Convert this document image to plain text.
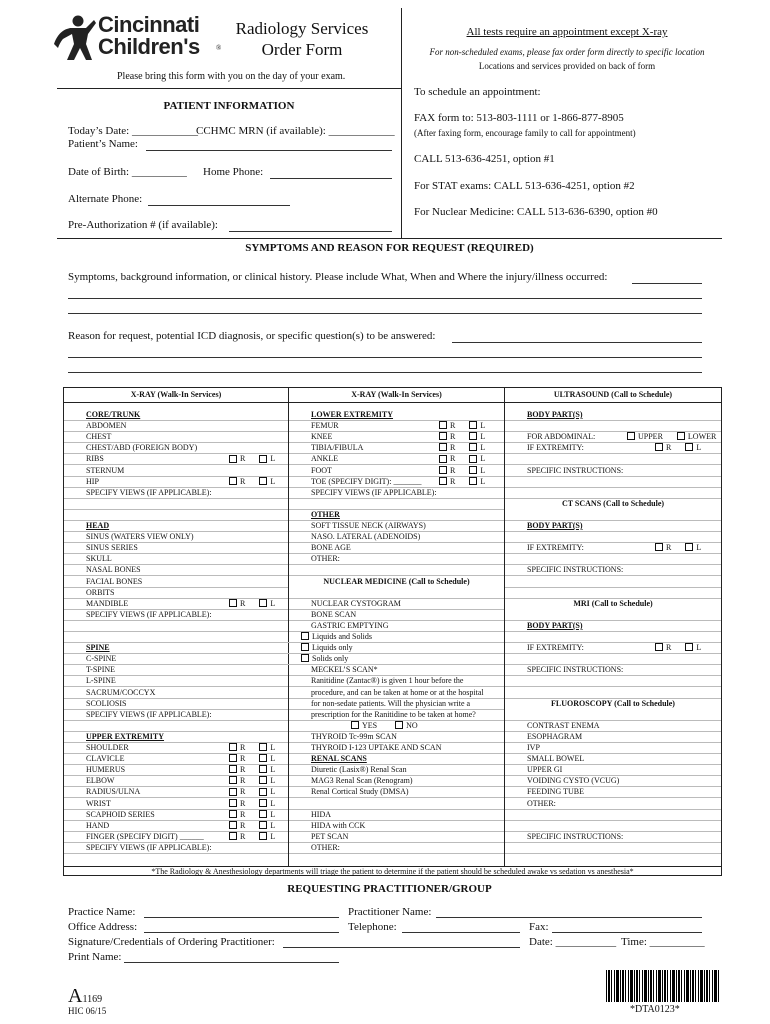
Cincinnati
Children's ®
Radiology Services
Order Form
Please bring this form with you on the day of your exam.
All tests require an appointment except X-ray
For non-scheduled exams, please fax order form directly to specific location
Locations and services provided on back of form
To schedule an appointment:
FAX form to: 513-803-1111 or 1-866-877-8905
(After faxing form, encourage family to call for appointment)
CALL 513-636-4251, option #1
For STAT exams: CALL 513-636-4251, option #2
For Nuclear Medicine: CALL 513-636-6390, option #0
PATIENT INFORMATION
Today’s Date: ____________
CCHMC MRN (if available): ____________
Patient’s Name:
Date of Birth: __________ Home Phone:
Alternate Phone:
Pre-Authorization # (if available):
SYMPTOMS AND REASON FOR REQUEST (REQUIRED)
Symptoms, background information, or clinical history. Please include What, When and Where the injury/illness occurred:
Reason for request, potential ICD diagnosis, or specific question(s) to be answered:
X-RAY (Walk-In Services)	X-RAY (Walk-In Services)	ULTRASOUND (Call to Schedule)
CORE/TRUNK
ABDOMEN
CHEST
CHEST/ABD (FOREIGN BODY)
RIBS	R	L
STERNUM
HIP	R	L
SPECIFY VIEWS (IF APPLICABLE):
HEAD
SINUS (WATERS VIEW ONLY)
SINUS SERIES
SKULL
NASAL BONES
FACIAL BONES
ORBITS
MANDIBLE	R	L
SPECIFY VIEWS (IF APPLICABLE):
SPINE
C-SPINE
T-SPINE
L-SPINE
SACRUM/COCCYX
SCOLIOSIS
SPECIFY VIEWS (IF APPLICABLE):
UPPER EXTREMITY
SHOULDER	R	L
CLAVICLE	R	L
HUMERUS	R	L
ELBOW	R	L
RADIUS/ULNA	R	L
WRIST	R	L
SCAPHOID SERIES	R	L
HAND	R	L
FINGER (SPECIFY DIGIT) ______	R	L
SPECIFY VIEWS (IF APPLICABLE):
LOWER EXTREMITY
FEMUR	R	L
KNEE	R	L
TIBIA/FIBULA	R	L
ANKLE	R	L
FOOT	R	L
TOE (SPECIFY DIGIT): _______	R	L
SPECIFY VIEWS (IF APPLICABLE):
OTHER
SOFT TISSUE NECK (AIRWAYS)
NASO. LATERAL (ADENOIDS)
BONE AGE
OTHER:
NUCLEAR MEDICINE (Call to Schedule)
NUCLEAR CYSTOGRAM
BONE SCAN
GASTRIC EMPTYING
Liquids and Solids
Liquids only
Solids only
MECKEL’S SCAN*
Ranitidine (Zantac®) is given 1 hour before the
procedure, and can be taken at home or at the hospital
for non-sedate patients. Will the physician write a
prescription for the Ranitidine to be taken at home?
YES	NO
THYROID Tc-99m SCAN
THYROID I-123 UPTAKE AND SCAN
RENAL SCANS
Diuretic (Lasix®) Renal Scan
MAG3 Renal Scan (Renogram)
Renal Cortical Study (DMSA)
HIDA
HIDA with CCK
PET SCAN
OTHER:
BODY PART(S)
FOR ABDOMINAL:	UPPER	LOWER
IF EXTREMITY:	R	L
SPECIFIC INSTRUCTIONS:
CT SCANS (Call to Schedule)
BODY PART(S)
IF EXTREMITY:	R	L
SPECIFIC INSTRUCTIONS:
MRI (Call to Schedule)
BODY PART(S)
IF EXTREMITY:	R	L
SPECIFIC INSTRUCTIONS:
FLUOROSCOPY (Call to Schedule)
CONTRAST ENEMA
ESOPHAGRAM
IVP
SMALL BOWEL
UPPER GI
VOIDING CYSTO (VCUG)
FEEDING TUBE
OTHER:
SPECIFIC INSTRUCTIONS:
*The Radiology & Anesthesiology departments will triage the patient to determine if the patient should be scheduled awake vs sedation vs anesthesia*
REQUESTING PRACTITIONER/GROUP
Practice Name:	Practitioner Name:
Office Address:	Telephone:	Fax:
Signature/Credentials of Ordering Practitioner:	Date: ___________ Time: __________
Print Name:
A1169
HIC 06/15	*DTA0123*
